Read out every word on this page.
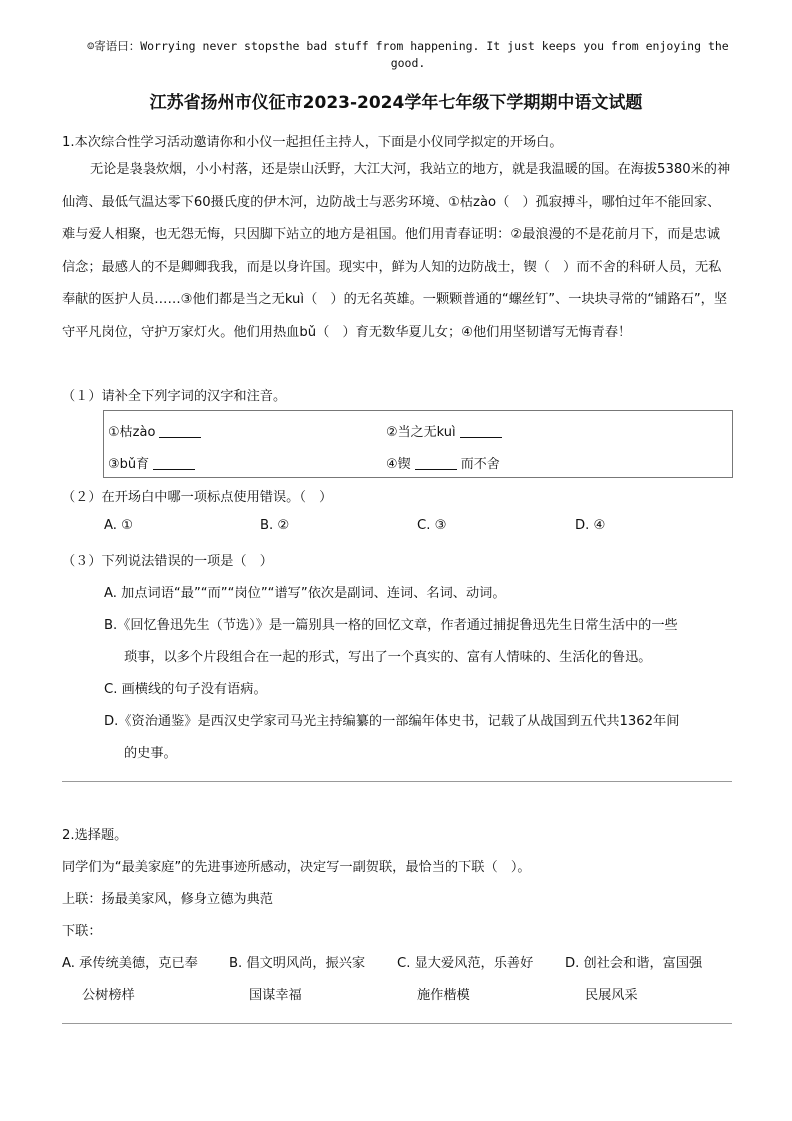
☺寄语曰：Worrying never stopsthe bad stuff from happening. It just keeps you from enjoying the
good.
江苏省扬州市仪征市2023-2024学年七年级下学期期中语文试题
1.本次综合性学习活动邀请你和小仪一起担任主持人，下面是小仪同学拟定的开场白。
无论是袅袅炊烟，小小村落，还是崇山沃野，大江大河，我站立的地方，就是我温暖的国。在海拔5380米的神仙湾、最低气温达零下60摄氏度的伊木河，边防战士与恶劣环境、①枯zào（　）孤寂搏斗，哪怕过年不能回家、难与爱人相聚，也无怨无悔，只因脚下站立的地方是祖国。他们用青春证明：②最浪漫的不是花前月下，而是忠诚信念；最感人的不是卿卿我我，而是以身许国。现实中，鲜为人知的边防战士，锲（　）而不舍的科研人员，无私奉献的医护人员……③他们都是当之无kuì（　）的无名英雄。一颗颗普通的“螺丝钉”、一块块寻常的“铺路石”，坚守平凡岗位，守护万家灯火。他们用热血bǔ（　）育无数华夏儿女；④他们用坚韧谱写无悔青春！
（１）请补全下列字词的汉字和注音。
①枯zào	②当之无kuì
③bǔ育	④锲	而不舍
（２）在开场白中哪一项标点使用错误。（　）
A. ①	B. ②	C. ③	D. ④
（３）下列说法错误的一项是（　）
A. 加点词语“最”“而”“岗位”“谱写”依次是副词、连词、名词、动词。
B.《回忆鲁迅先生（节选）》是一篇别具一格的回忆文章，作者通过捕捉鲁迅先生日常生活中的一些
琐事，以多个片段组合在一起的形式，写出了一个真实的、富有人情味的、生活化的鲁迅。
C. 画横线的句子没有语病。
D.《资治通鉴》是西汉史学家司马光主持编纂的一部编年体史书，记载了从战国到五代共1362年间
的史事。
2.选择题。
同学们为“最美家庭”的先进事迹所感动，决定写一副贺联，最恰当的下联（　）。
上联：扬最美家风，修身立德为典范
下联：
A. 承传统美德，克已奉 B. 倡文明风尚，振兴家 C. 显大爱风范，乐善好 D. 创社会和谐，富国强
公树榜样	国谋幸福	施作楷模	民展风采
